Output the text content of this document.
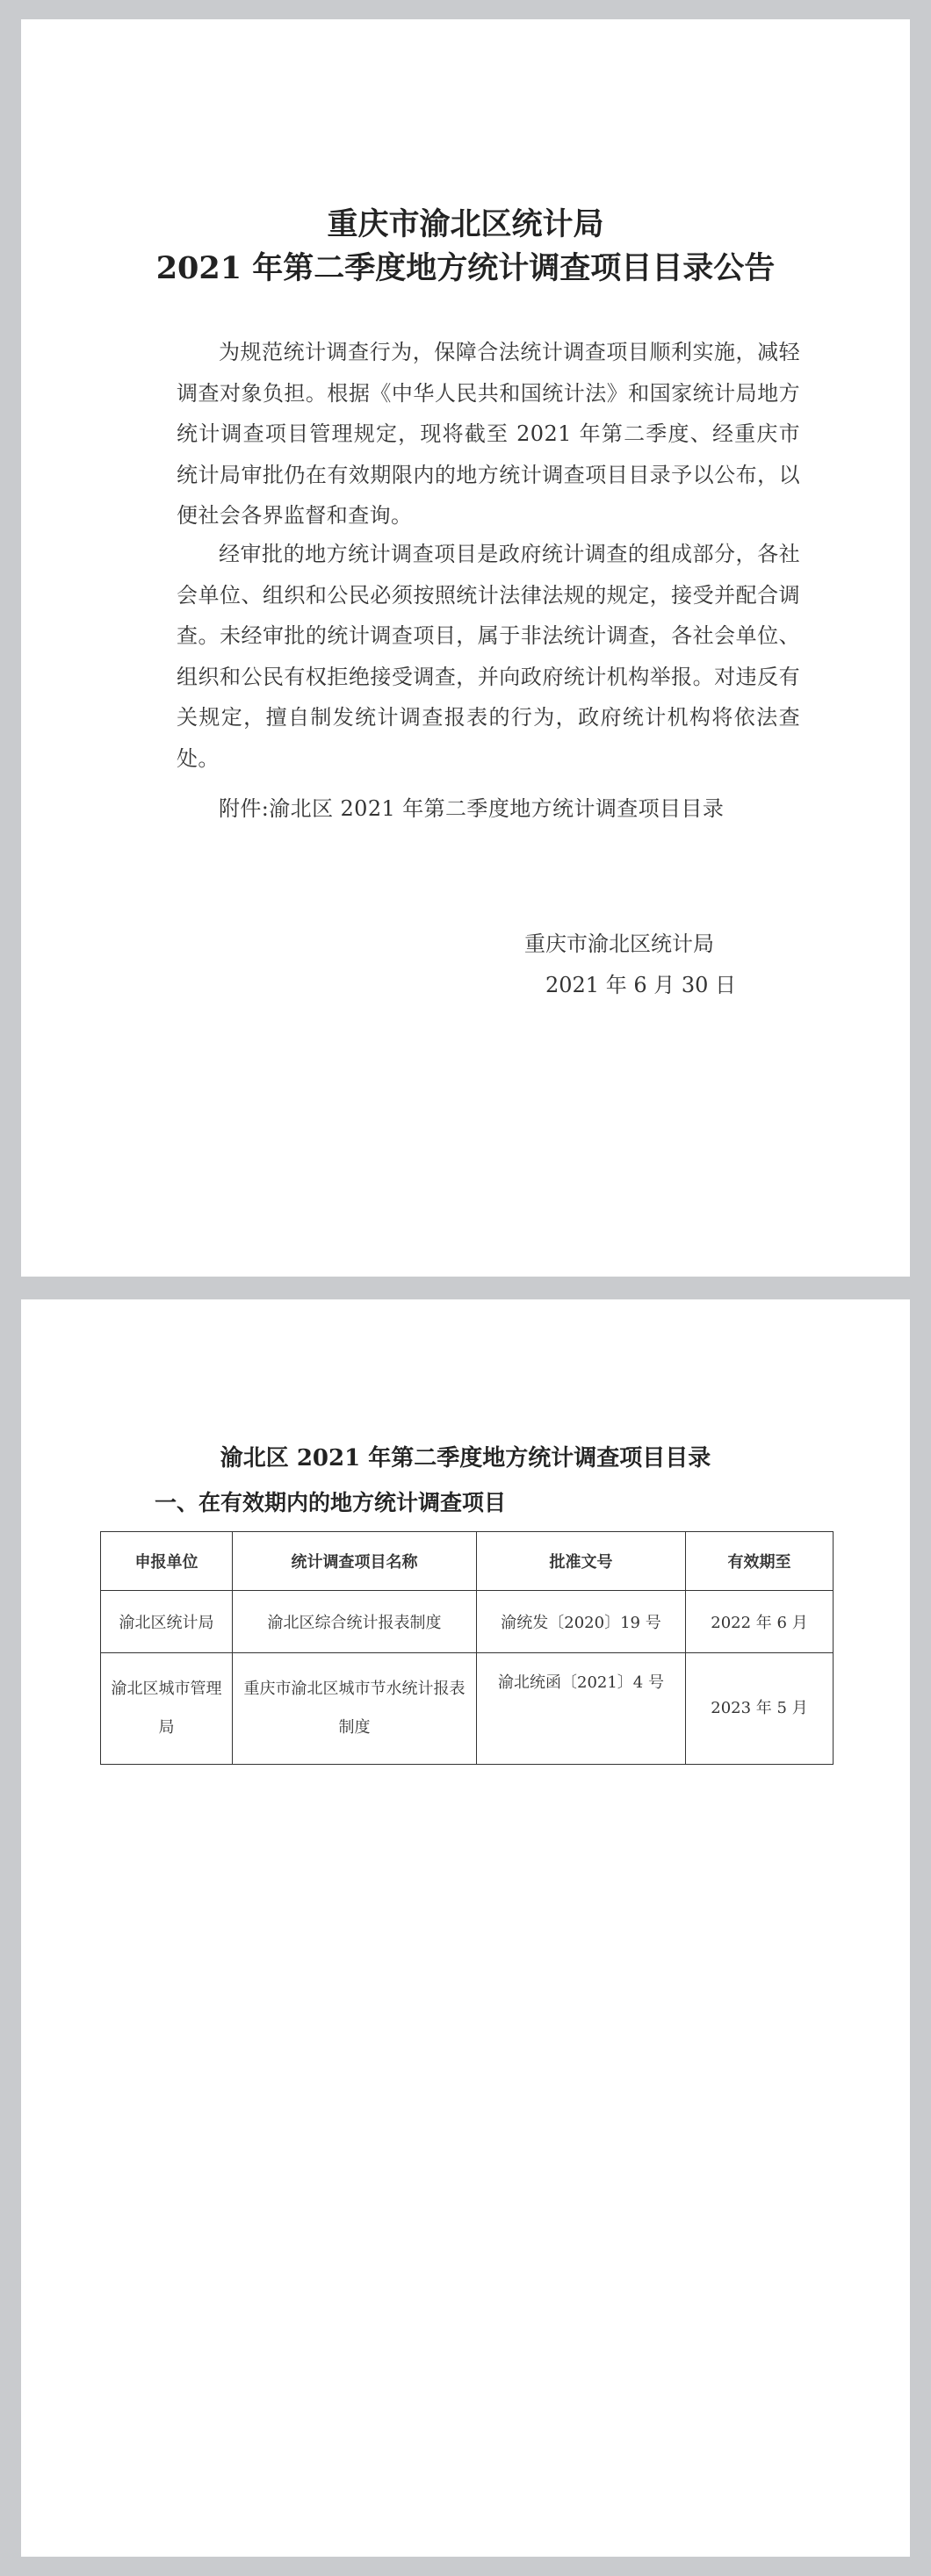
重庆市渝北区统计局
2021 年第二季度地方统计调查项目目录公告

为规范统计调查行为，保障合法统计调查项目顺利实施，减轻调查对象负担。根据《中华人民共和国统计法》和国家统计局地方统计调查项目管理规定，现将截至 2021 年第二季度、经重庆市统计局审批仍在有效期限内的地方统计调查项目目录予以公布，以便社会各界监督和查询。

经审批的地方统计调查项目是政府统计调查的组成部分，各社会单位、组织和公民必须按照统计法律法规的规定，接受并配合调查。未经审批的统计调查项目，属于非法统计调查，各社会单位、组织和公民有权拒绝接受调查，并向政府统计机构举报。对违反有关规定，擅自制发统计调查报表的行为，政府统计机构将依法查处。

附件:渝北区 2021 年第二季度地方统计调查项目目录

重庆市渝北区统计局

2021 年 6 月 30 日

渝北区 2021 年第二季度地方统计调查项目目录
一、在有效期内的地方统计调查项目
申报单位	统计调查项目名称	批准文号	有效期至
渝北区统计局	渝北区综合统计报表制度	渝统发〔2020〕19 号	2022 年 6 月
渝北区城市管理局	重庆市渝北区城市节水统计报表制度	渝北统函〔2021〕4 号	2023 年 5 月
